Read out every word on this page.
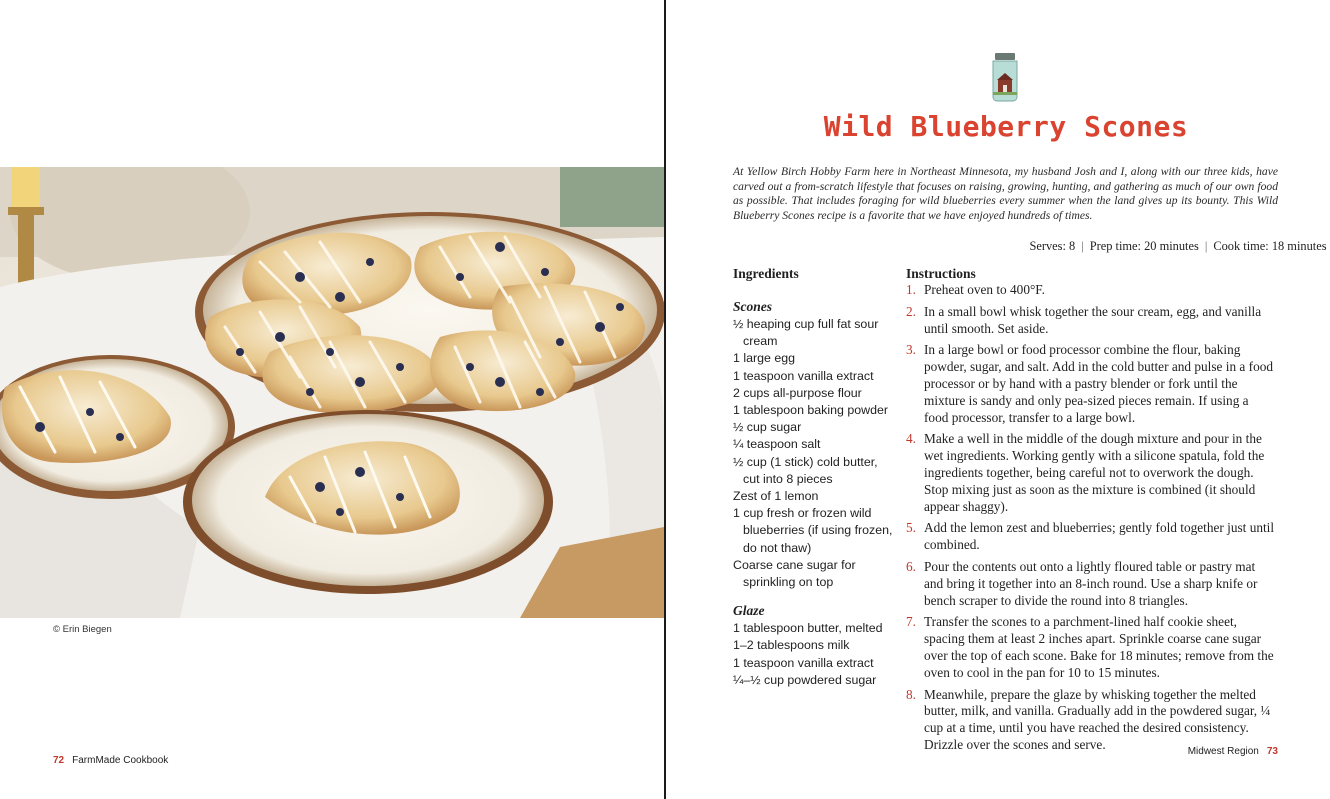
© Erin Biegen
72 FarmMade Cookbook
Wild Blueberry Scones
At Yellow Birch Hobby Farm here in Northeast Minnesota, my husband Josh and I, along with our three kids, have carved out a from-scratch lifestyle that focuses on raising, growing, hunting, and gathering as much of our own food as possible. That includes foraging for wild blueberries every summer when the land gives up its bounty. This Wild Blueberry Scones recipe is a favorite that we have enjoyed hundreds of times.
Serves: 8 | Prep time: 20 minutes | Cook time: 18 minutes
Ingredients
Scones
½ heaping cup full fat sour cream
1 large egg
1 teaspoon vanilla extract
2 cups all-purpose flour
1 tablespoon baking powder
½ cup sugar
¼ teaspoon salt
½ cup (1 stick) cold butter, cut into 8 pieces
Zest of 1 lemon
1 cup fresh or frozen wild blueberries (if using frozen, do not thaw)
Coarse cane sugar for sprinkling on top
Glaze
1 tablespoon butter, melted
1–2 tablespoons milk
1 teaspoon vanilla extract
¼–½ cup powdered sugar
Instructions
1. Preheat oven to 400°F.
2. In a small bowl whisk together the sour cream, egg, and vanilla until smooth. Set aside.
3. In a large bowl or food processor combine the flour, baking powder, sugar, and salt. Add in the cold butter and pulse in a food processor or by hand with a pastry blender or fork until the mixture is sandy and only pea-sized pieces remain. If using a food processor, transfer to a large bowl.
4. Make a well in the middle of the dough mixture and pour in the wet ingredients. Working gently with a silicone spatula, fold the ingredients together, being careful not to overwork the dough. Stop mixing just as soon as the mixture is combined (it should appear shaggy).
5. Add the lemon zest and blueberries; gently fold together just until combined.
6. Pour the contents out onto a lightly floured table or pastry mat and bring it together into an 8-inch round. Use a sharp knife or bench scraper to divide the round into 8 triangles.
7. Transfer the scones to a parchment-lined half cookie sheet, spacing them at least 2 inches apart. Sprinkle coarse cane sugar over the top of each scone. Bake for 18 minutes; remove from the oven to cool in the pan for 10 to 15 minutes.
8. Meanwhile, prepare the glaze by whisking together the melted butter, milk, and vanilla. Gradually add in the powdered sugar, ¼ cup at a time, until you have reached the desired consistency. Drizzle over the scones and serve.	Midwest Region 73
